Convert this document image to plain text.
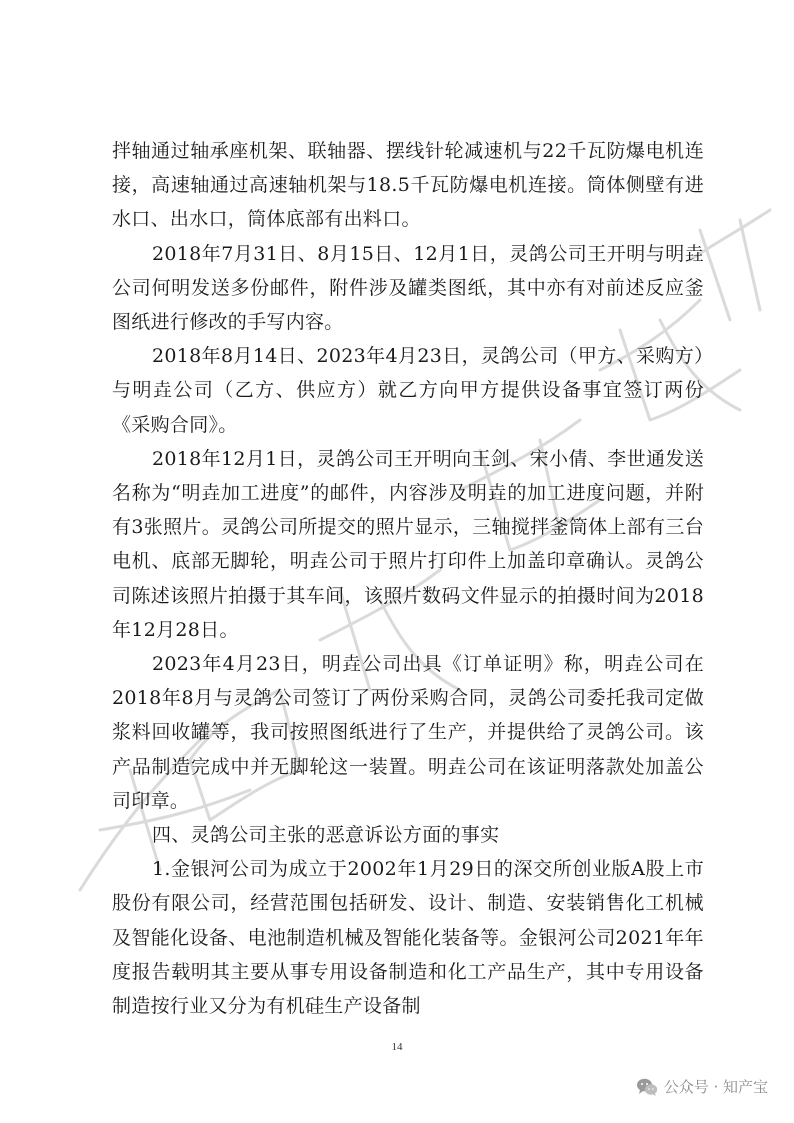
拌轴通过轴承座机架、联轴器、摆线针轮减速机与22千瓦防爆电机连接，高速轴通过高速轴机架与18.5千瓦防爆电机连接。筒体侧壁有进水口、出水口，筒体底部有出料口。

2018年7月31日、8月15日、12月1日，灵鸽公司王开明与明垚公司何明发送多份邮件，附件涉及罐类图纸，其中亦有对前述反应釜图纸进行修改的手写内容。

2018年8月14日、2023年4月23日，灵鸽公司（甲方、采购方）与明垚公司（乙方、供应方）就乙方向甲方提供设备事宜签订两份《采购合同》。

2018年12月1日，灵鸽公司王开明向王剑、宋小倩、李世通发送名称为“明垚加工进度”的邮件，内容涉及明垚的加工进度问题，并附有3张照片。灵鸽公司所提交的照片显示，三轴搅拌釜筒体上部有三台电机、底部无脚轮，明垚公司于照片打印件上加盖印章确认。灵鸽公司陈述该照片拍摄于其车间，该照片数码文件显示的拍摄时间为2018年12月28日。

2023年4月23日，明垚公司出具《订单证明》称，明垚公司在2018年8月与灵鸽公司签订了两份采购合同，灵鸽公司委托我司定做浆料回收罐等，我司按照图纸进行了生产，并提供给了灵鸽公司。该产品制造完成中并无脚轮这一装置。明垚公司在该证明落款处加盖公司印章。

四、灵鸽公司主张的恶意诉讼方面的事实

1.金银河公司为成立于2002年1月29日的深交所创业版A股上市股份有限公司，经营范围包括研发、设计、制造、安装销售化工机械及智能化设备、电池制造机械及智能化装备等。金银河公司2021年年度报告载明其主要从事专用设备制造和化工产品生产，其中专用设备制造按行业又分为有机硅生产设备制

14
公众号 · 知产宝
